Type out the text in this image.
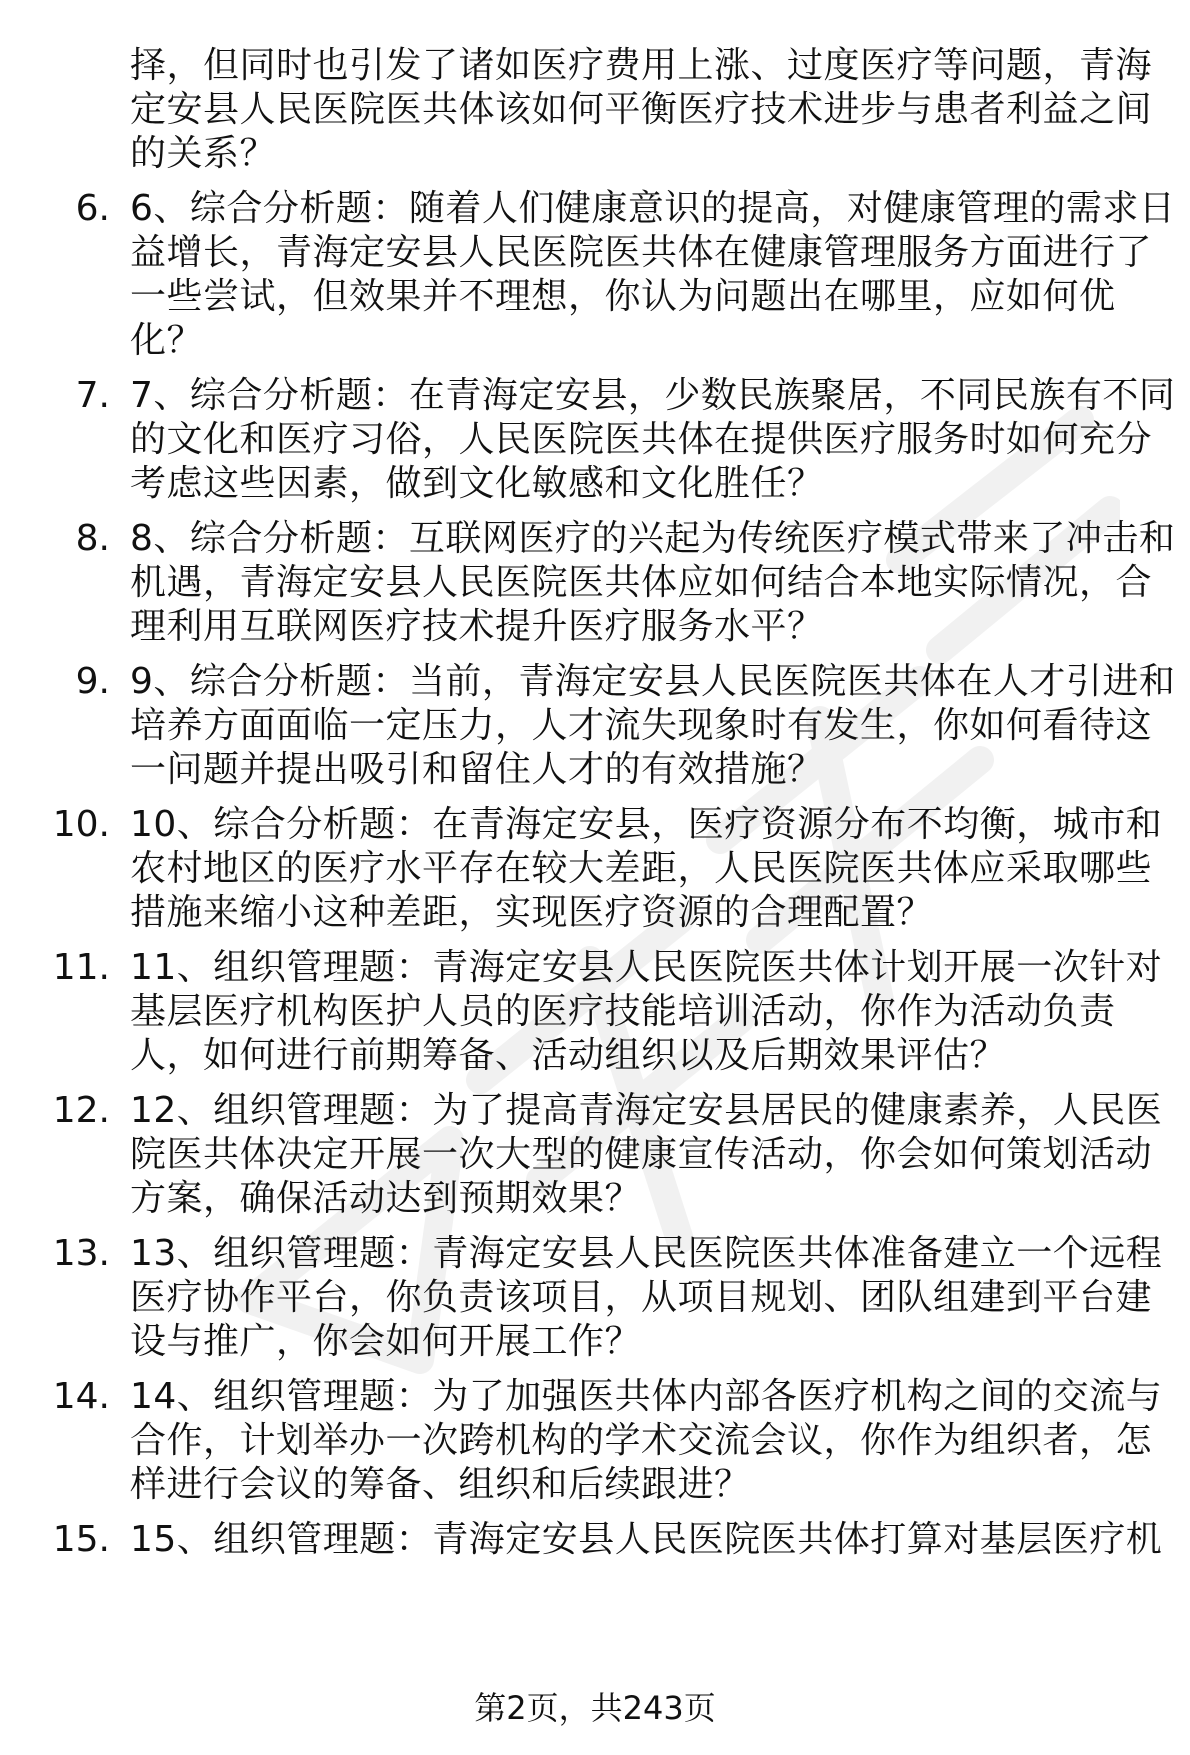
择，但同时也引发了诸如医疗费用上涨、过度医疗等问题，青海
定安县人民医院医共体该如何平衡医疗技术进步与患者利益之间
的关系？
6. 6、综合分析题：随着人们健康意识的提高，对健康管理的需求日
益增长，青海定安县人民医院医共体在健康管理服务方面进行了
一些尝试，但效果并不理想，你认为问题出在哪里，应如何优
化？
7. 7、综合分析题：在青海定安县，少数民族聚居，不同民族有不同
的文化和医疗习俗，人民医院医共体在提供医疗服务时如何充分
考虑这些因素，做到文化敏感和文化胜任？
8. 8、综合分析题：互联网医疗的兴起为传统医疗模式带来了冲击和
机遇，青海定安县人民医院医共体应如何结合本地实际情况，合
理利用互联网医疗技术提升医疗服务水平？
9. 9、综合分析题：当前，青海定安县人民医院医共体在人才引进和
培养方面面临一定压力，人才流失现象时有发生，你如何看待这
一问题并提出吸引和留住人才的有效措施？
10. 10、综合分析题：在青海定安县，医疗资源分布不均衡，城市和
农村地区的医疗水平存在较大差距，人民医院医共体应采取哪些
措施来缩小这种差距，实现医疗资源的合理配置？
11. 11、组织管理题：青海定安县人民医院医共体计划开展一次针对
基层医疗机构医护人员的医疗技能培训活动，你作为活动负责
人，如何进行前期筹备、活动组织以及后期效果评估？
12. 12、组织管理题：为了提高青海定安县居民的健康素养，人民医
院医共体决定开展一次大型的健康宣传活动，你会如何策划活动
方案，确保活动达到预期效果？
13. 13、组织管理题：青海定安县人民医院医共体准备建立一个远程
医疗协作平台，你负责该项目，从项目规划、团队组建到平台建
设与推广，你会如何开展工作？
14. 14、组织管理题：为了加强医共体内部各医疗机构之间的交流与
合作，计划举办一次跨机构的学术交流会议，你作为组织者，怎
样进行会议的筹备、组织和后续跟进？
15. 15、组织管理题：青海定安县人民医院医共体打算对基层医疗机
第2页，共243页
